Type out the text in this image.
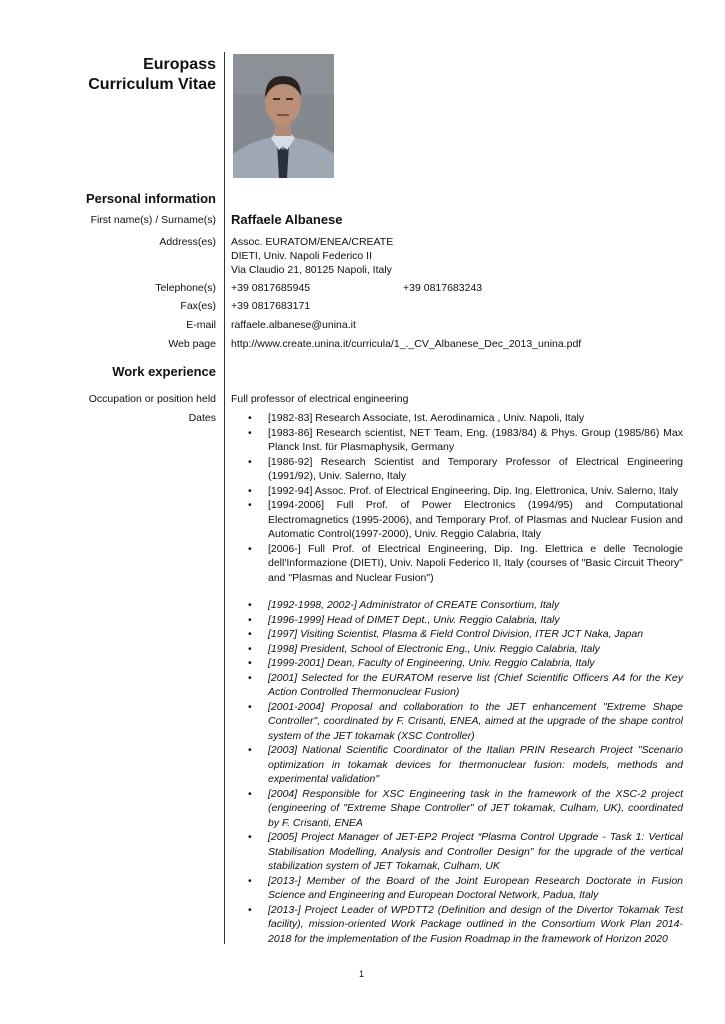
Europass
Curriculum Vitae
Personal information
First name(s) / Surname(s) Raffaele Albanese
Address(es) Assoc. EURATOM/ENEA/CREATE
DIETI, Univ. Napoli Federico II
Via Claudio 21, 80125 Napoli, Italy
Telephone(s) +39 0817685945	+39 0817683243
Fax(es) +39 0817683171
E-mail raffaele.albanese@unina.it
Web page http://www.create.unina.it/curricula/1_._CV_Albanese_Dec_2013_unina.pdf
Work experience
Occupation or position held Full professor of electrical engineering
Dates
•	[1982-83] Research Associate, Ist. Aerodinamica , Univ. Napoli, Italy
• [1983-86] Research scientist, NET Team, Eng. (1983/84) & Phys. Group (1985/86) Max Planck Inst. für Plasmaphysik, Germany
• [1986-92] Research Scientist and Temporary Professor of Electrical Engineering (1991/92), Univ. Salerno, Italy
• [1992-94] Assoc. Prof. of Electrical Engineering, Dip. Ing. Elettronica, Univ. Salerno, Italy
• [1994-2006] Full Prof. of Power Electronics (1994/95) and Computational Electromagnetics (1995-2006), and Temporary Prof. of Plasmas and Nuclear Fusion and Automatic Control(1997-2000), Univ. Reggio Calabria, Italy
• [2006-] Full Prof. of Electrical Engineering, Dip. Ing. Elettrica e delle Tecnologie dell'Informazione (DIETI), Univ. Napoli Federico II, Italy (courses of "Basic Circuit Theory" and "Plasmas and Nuclear Fusion")
• [1992-1998, 2002-] Administrator of CREATE Consortium, Italy
• [1996-1999] Head of DIMET Dept., Univ. Reggio Calabria, Italy
• [1997] Visiting Scientist, Plasma & Field Control Division, ITER JCT Naka, Japan
• [1998] President, School of Electronic Eng., Univ. Reggio Calabria, Italy
• [1999-2001] Dean, Faculty of Engineering, Univ. Reggio Calabria, Italy
• [2001] Selected for the EURATOM reserve list (Chief Scientific Officers A4 for the Key Action Controlled Thermonuclear Fusion)
• [2001-2004] Proposal and collaboration to the JET enhancement "Extreme Shape Controller", coordinated by F. Crisanti, ENEA, aimed at the upgrade of the shape control system of the JET tokamak (XSC Controller)
• [2003] National Scientific Coordinator of the Italian PRIN Research Project "Scenario optimization in tokamak devices for thermonuclear fusion: models, methods and experimental validation"
• [2004] Responsible for XSC Engineering task in the framework of the XSC-2 project (engineering of "Extreme Shape Controller" of JET tokamak, Culham, UK), coordinated by F. Crisanti, ENEA
• [2005] Project Manager of JET-EP2 Project “Plasma Control Upgrade - Task 1: Vertical Stabilisation Modelling, Analysis and Controller Design" for the upgrade of the vertical stabilization system of JET Tokamak, Culham, UK
• [2013-] Member of the Board of the Joint European Research Doctorate in Fusion Science and Engineering and European Doctoral Network, Padua, Italy
• [2013-] Project Leader of WPDTT2 (Definition and design of the Divertor Tokamak Test facility), mission-oriented Work Package outlined in the Consortium Work Plan 2014-2018 for the implementation of the Fusion Roadmap in the framework of Horizon 2020
1
